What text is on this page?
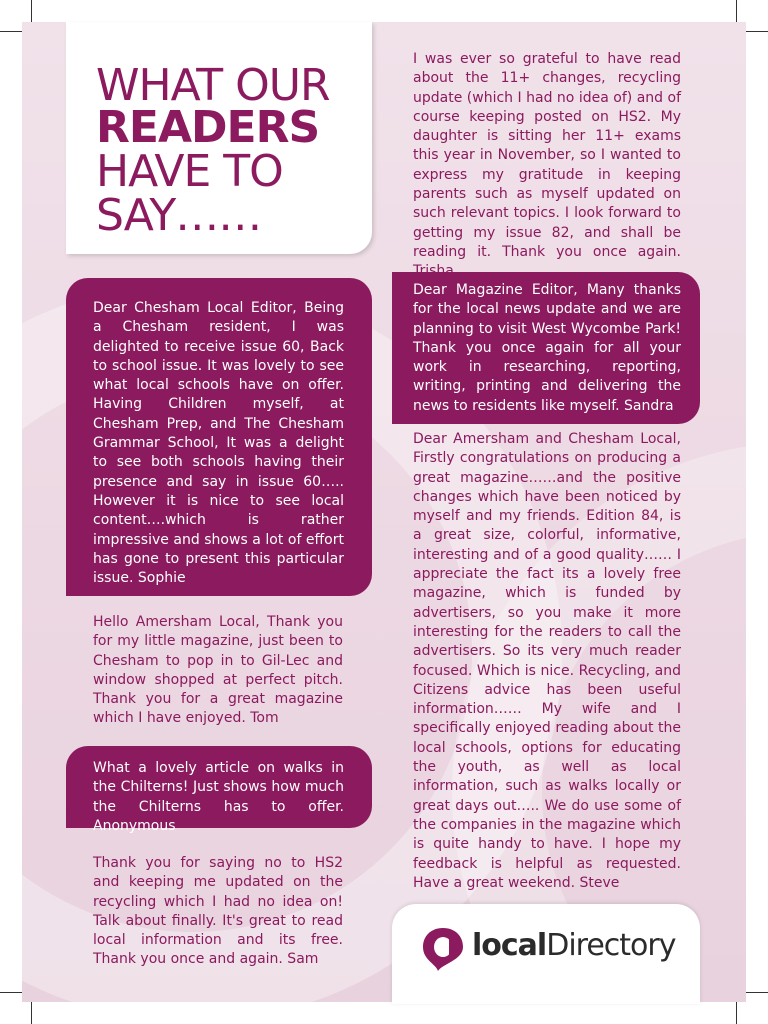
WHAT OUR
READERS
HAVE TO
SAY……
Dear Chesham Local Editor, Being a Chesham resident, I was delighted to receive issue 60, Back to school issue. It was lovely to see what local schools have on offer. Having Children myself, at Chesham Prep, and The Chesham Grammar School, It was a delight to see both schools having their presence and say in issue 60….. However it is nice to see local content….which is rather impressive and shows a lot of effort has gone to present this particular issue. Sophie
Hello Amersham Local, Thank you for my little magazine, just been to Chesham to pop in to Gil-Lec and window shopped at perfect pitch. Thank you for a great magazine which I have enjoyed. Tom
What a lovely article on walks in the Chilterns! Just shows how much the Chilterns has to offer. Anonymous
Thank you for saying no to HS2 and keeping me updated on the recycling which I had no idea on! Talk about finally. It's great to read local information and its free. Thank you once and again. Sam
I was ever so grateful to have read about the 11+ changes, recycling update (which I had no idea of) and of course keeping posted on HS2. My daughter is sitting her 11+ exams this year in November, so I wanted to express my gratitude in keeping parents such as myself updated on such relevant topics. I look forward to getting my issue 82, and shall be reading it. Thank you once again.
Dear Magazine Editor, Many thanks for the local news update and we are planning to visit West Wycombe Park! Thank you once again for all your work in researching, reporting, writing, printing and delivering the news to residents like myself. Sandra
Dear Amersham and Chesham Local, Firstly congratulations on producing a great magazine……and the positive changes which have been noticed by myself and my friends. Edition 84, is a great size, colorful, informative, interesting and of a good quality…… I appreciate the fact its a lovely free magazine, which is funded by advertisers, so you make it more interesting for the readers to call the advertisers. So its very much reader focused. Which is nice. Recycling, and Citizens advice has been useful information…… My wife and I specifically enjoyed reading about the local schools, options for educating the youth, as well as local information, such as walks locally or great days out….. We do use some of the companies in the magazine which is quite handy to have. I hope my feedback is helpful as requested. Have a great weekend. Steve
localDirectory
